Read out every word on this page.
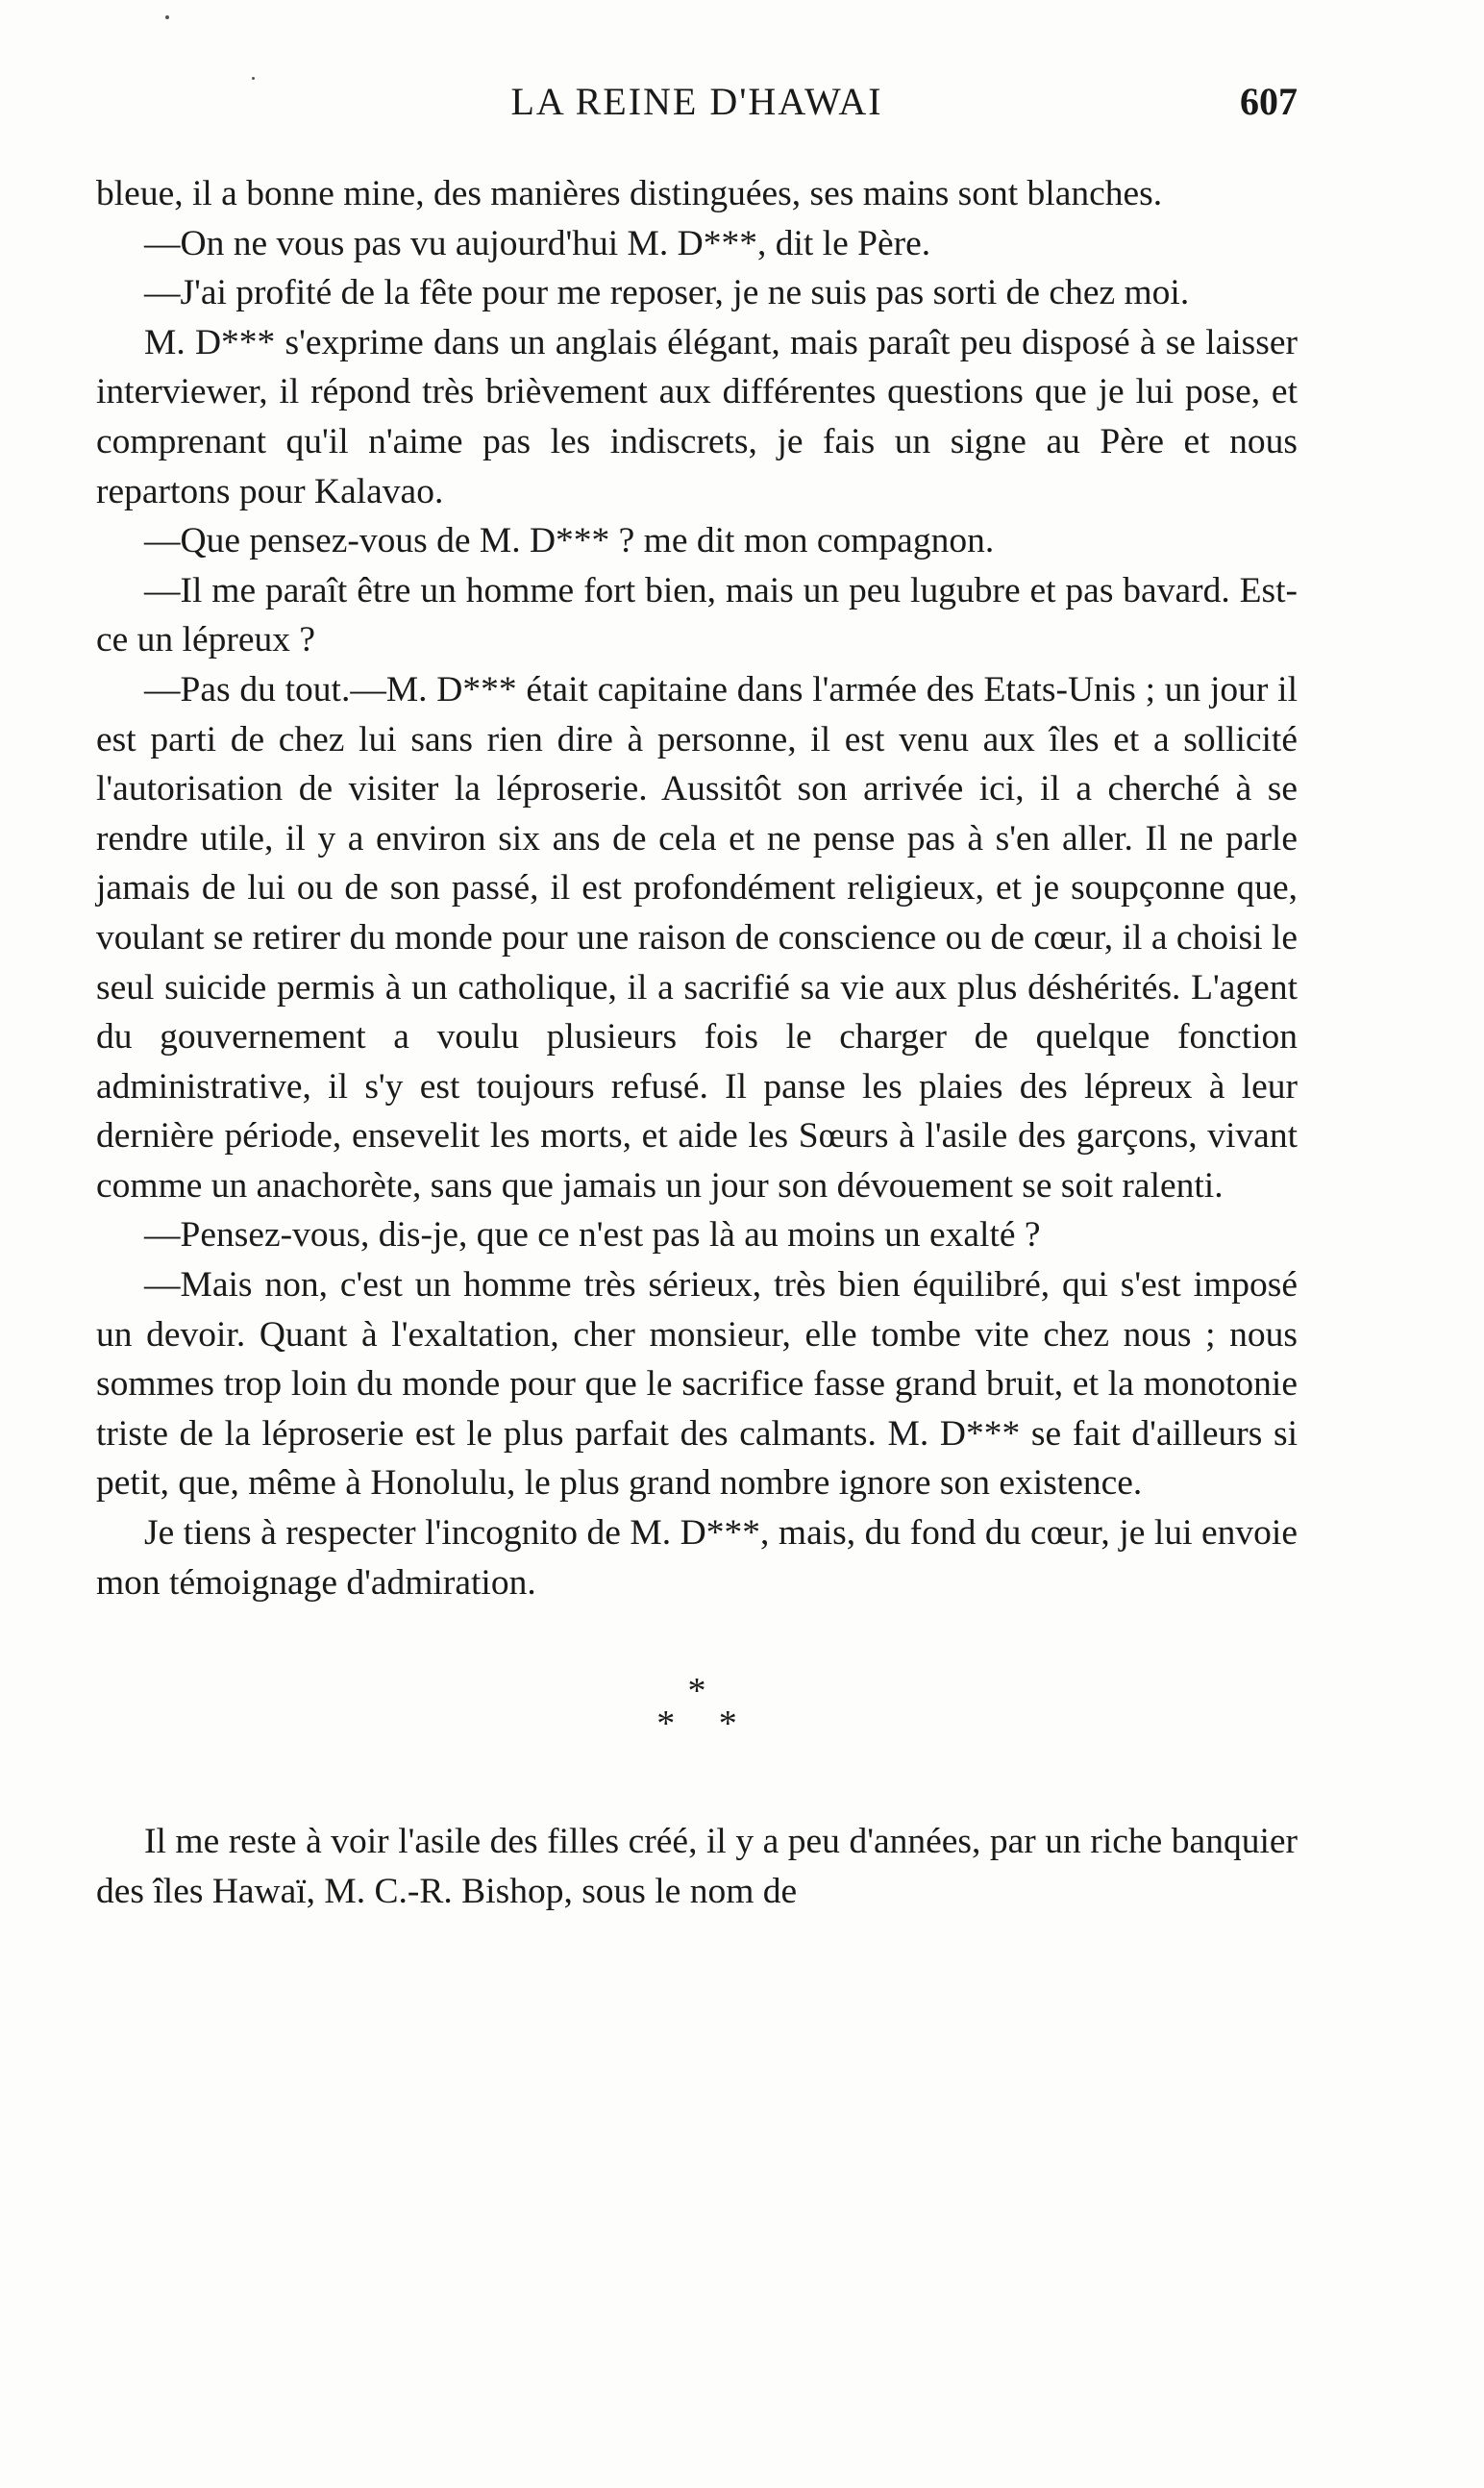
LA REINE D'HAWAI	607

bleue, il a bonne mine, des manières distinguées, ses mains sont blanches.

—On ne vous pas vu aujourd'hui M. D***, dit le Père.

—J'ai profité de la fête pour me reposer, je ne suis pas sorti de chez moi.

M. D*** s'exprime dans un anglais élégant, mais paraît peu disposé à se laisser interviewer, il répond très brièvement aux différentes questions que je lui pose, et comprenant qu'il n'aime pas les indiscrets, je fais un signe au Père et nous repartons pour Kalavao.

—Que pensez-vous de M. D*** ? me dit mon compagnon.

—Il me paraît être un homme fort bien, mais un peu lugubre et pas bavard. Est-ce un lépreux ?

—Pas du tout.—M. D*** était capitaine dans l'armée des Etats-Unis ; un jour il est parti de chez lui sans rien dire à personne, il est venu aux îles et a sollicité l'autorisation de visiter la léproserie. Aussitôt son arrivée ici, il a cherché à se rendre utile, il y a environ six ans de cela et ne pense pas à s'en aller. Il ne parle jamais de lui ou de son passé, il est profondément religieux, et je soupçonne que, voulant se retirer du monde pour une raison de conscience ou de cœur, il a choisi le seul suicide permis à un catholique, il a sacrifié sa vie aux plus déshérités. L'agent du gouvernement a voulu plusieurs fois le charger de quelque fonction administrative, il s'y est toujours refusé. Il panse les plaies des lépreux à leur dernière période, ensevelit les morts, et aide les Sœurs à l'asile des garçons, vivant comme un anachorète, sans que jamais un jour son dévouement se soit ralenti.

—Pensez-vous, dis-je, que ce n'est pas là au moins un exalté ?

—Mais non, c'est un homme très sérieux, très bien équilibré, qui s'est imposé un devoir. Quant à l'exaltation, cher monsieur, elle tombe vite chez nous ; nous sommes trop loin du monde pour que le sacrifice fasse grand bruit, et la monotonie triste de la léproserie est le plus parfait des calmants. M. D*** se fait d'ailleurs si petit, que, même à Honolulu, le plus grand nombre ignore son existence.

Je tiens à respecter l'incognito de M. D***, mais, du fond du cœur, je lui envoie mon témoignage d'admiration.

*
* *

Il me reste à voir l'asile des filles créé, il y a peu d'années, par un riche banquier des îles Hawaï, M. C.-R. Bishop, sous le nom de
